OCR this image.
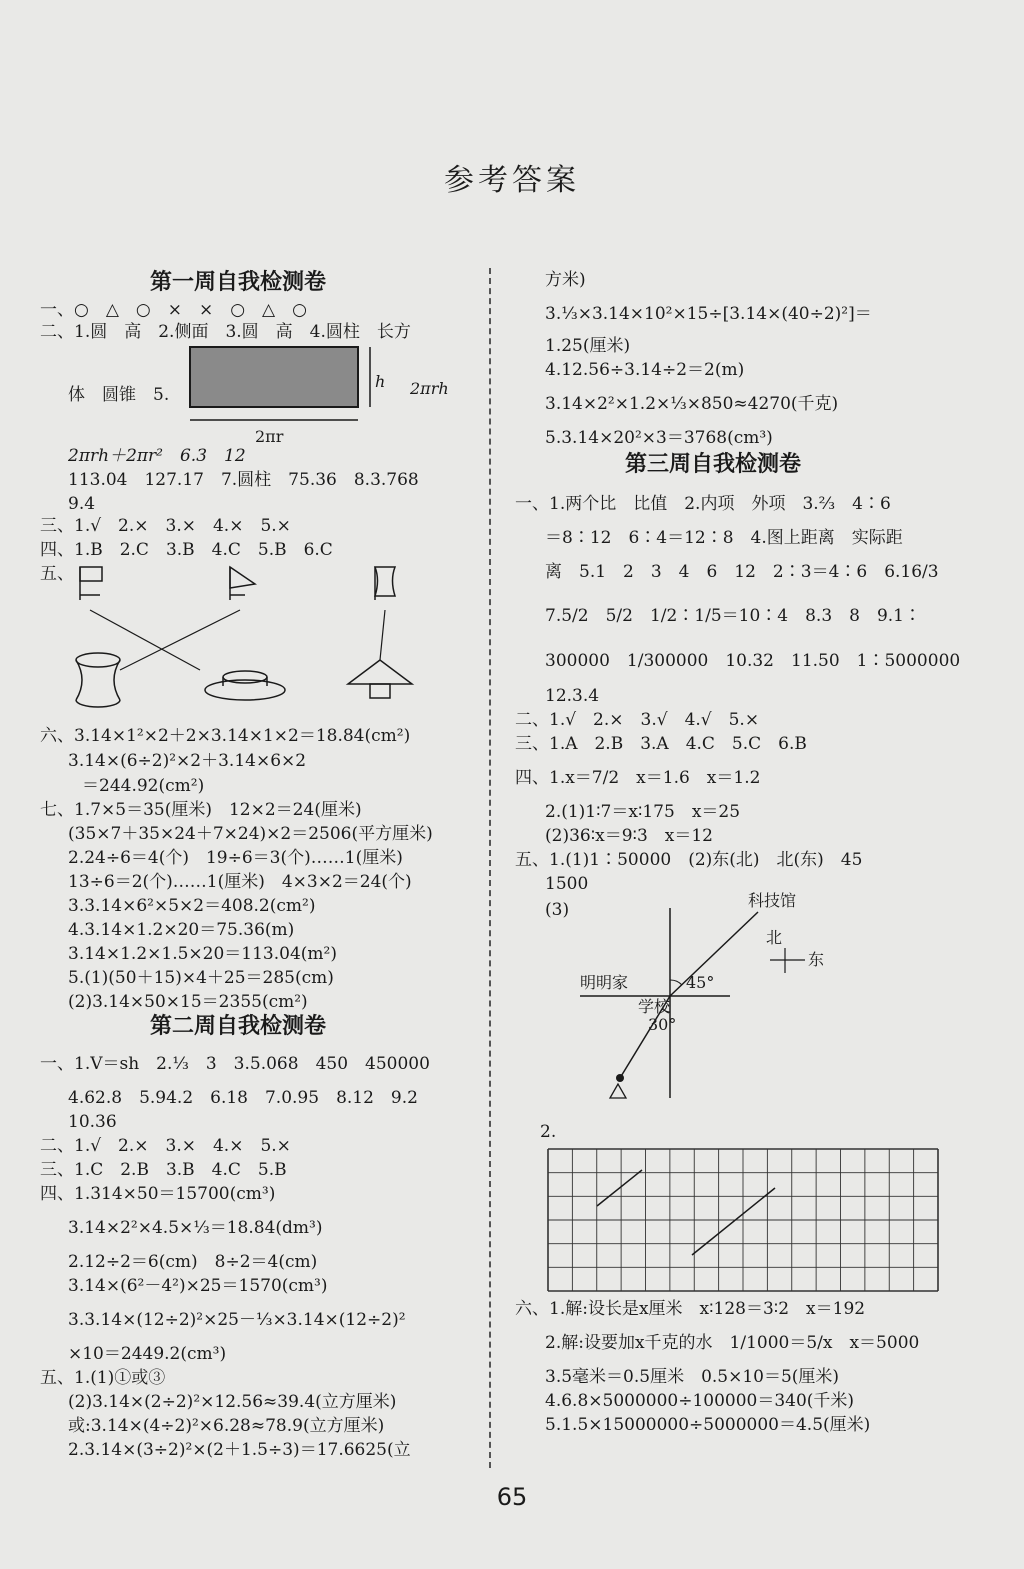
参考答案
第一周自我检测卷
一、○　△　○　×　×　○　△　○
二、1.圆　高　2.侧面　3.圆　高　4.圆柱　长方
体　圆锥　5.
h
2πr
2πrh
2πrh＋2πr²　6.3　12
113.04　127.17　7.圆柱　75.36　8.3.768
9.4
三、1.√　2.×　3.×　4.×　5.×
四、1.B　2.C　3.B　4.C　5.B　6.C
五、
六、3.14×1²×2＋2×3.14×1×2＝18.84(cm²)
3.14×(6÷2)²×2＋3.14×6×2
＝244.92(cm²)
七、1.7×5＝35(厘米)　12×2＝24(厘米)
(35×7＋35×24＋7×24)×2＝2506(平方厘米)
2.24÷6＝4(个)　19÷6＝3(个)……1(厘米)
13÷6＝2(个)……1(厘米)　4×3×2＝24(个)
3.3.14×6²×5×2＝408.2(cm²)
4.3.14×1.2×20＝75.36(m)
3.14×1.2×1.5×20＝113.04(m²)
5.(1)(50＋15)×4＋25＝285(cm)
(2)3.14×50×15＝2355(cm²)
第二周自我检测卷
一、1.V＝sh　2.⅓　3　3.5.068　450　450000
4.62.8　5.94.2　6.18　7.0.95　8.12　9.2
10.36
二、1.√　2.×　3.×　4.×　5.×
三、1.C　2.B　3.B　4.C　5.B
四、1.314×50＝15700(cm³)
3.14×2²×4.5×⅓＝18.84(dm³)
2.12÷2＝6(cm)　8÷2＝4(cm)
3.14×(6²－4²)×25＝1570(cm³)
3.3.14×(12÷2)²×25－⅓×3.14×(12÷2)²
×10＝2449.2(cm³)
五、1.(1)①或③
(2)3.14×(2÷2)²×12.56≈39.4(立方厘米)
或:3.14×(4÷2)²×6.28≈78.9(立方厘米)
2.3.14×(3÷2)²×(2＋1.5÷3)＝17.6625(立
方米)
3.⅓×3.14×10²×15÷[3.14×(40÷2)²]＝
1.25(厘米)
4.12.56÷3.14÷2＝2(m)
3.14×2²×1.2×⅓×850≈4270(千克)
5.3.14×20²×3＝3768(cm³)
第三周自我检测卷
一、1.两个比　比值　2.内项　外项　3.⅔　4∶6
＝8∶12　6∶4＝12∶8　4.图上距离　实际距
离　5.1　2　3　4　6　12　2∶3＝4∶6　6.16/3
7.5/2　5/2　1/2∶1/5＝10∶4　8.3　8　9.1∶
300000　1/300000　10.32　11.50　1∶5000000
12.3.4
二、1.√　2.×　3.√　4.√　5.×
三、1.A　2.B　3.A　4.C　5.C　6.B
四、1.x＝7/2　x＝1.6　x＝1.2
2.(1)1∶7＝x∶175　x＝25
(2)36∶x＝9∶3　x＝12
五、1.(1)1∶50000　(2)东(北)　北(东)　45
1500
(3)	科技馆
北
东
明明家
学校
45°
30°
2.
六、1.解:设长是x厘米　x∶128＝3∶2　x＝192
2.解:设要加x千克的水　1/1000＝5/x　x＝5000
3.5毫米＝0.5厘米　0.5×10＝5(厘米)
4.6.8×5000000÷100000＝340(千米)
5.1.5×15000000÷5000000＝4.5(厘米)
65
